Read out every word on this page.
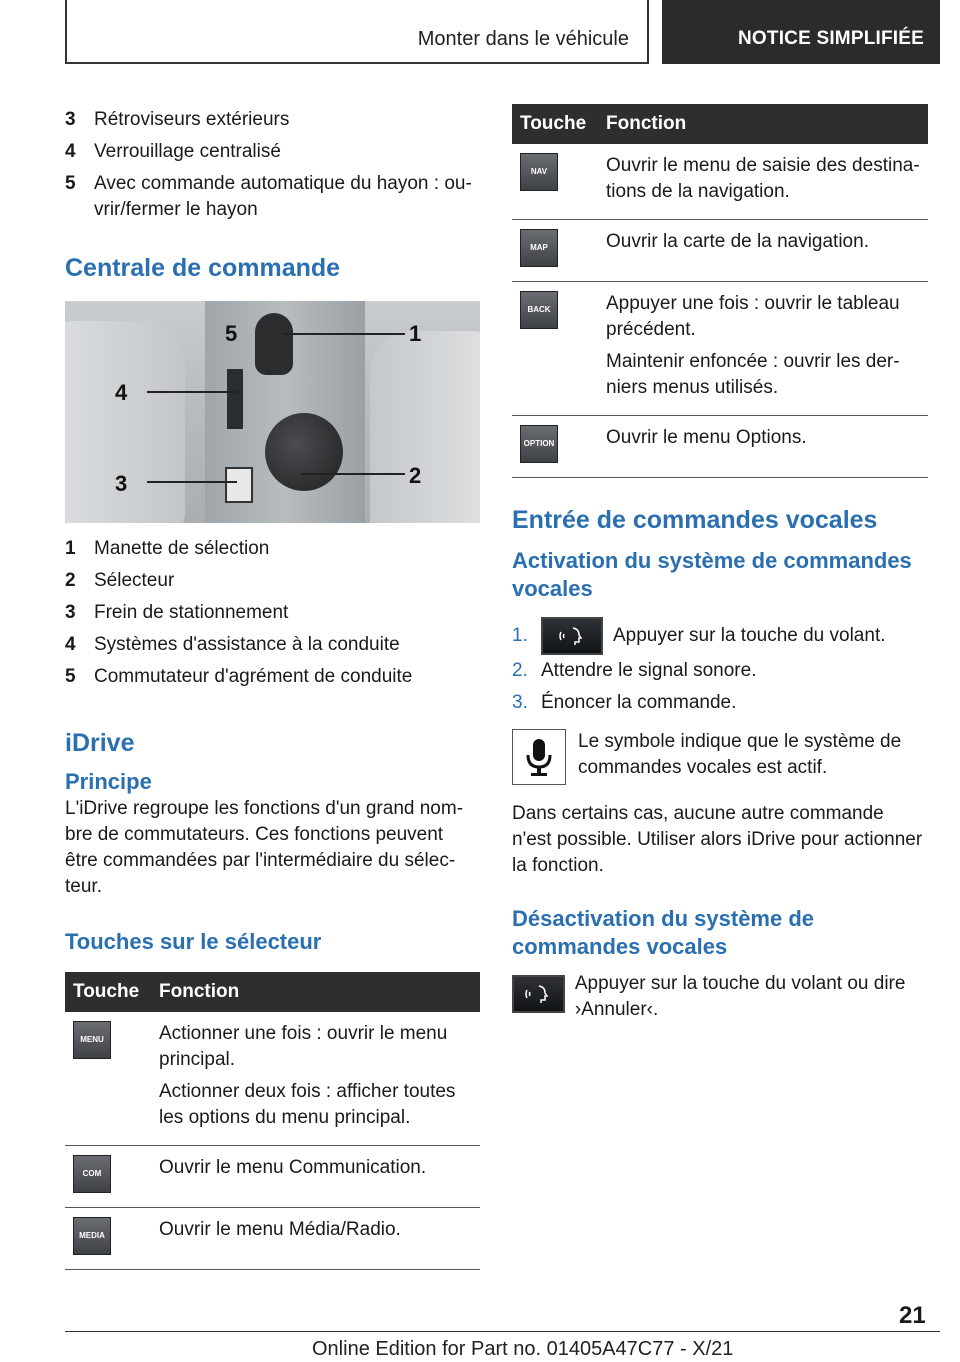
Monter dans le véhicule	NOTICE SIMPLIFIÉE
3 Rétroviseurs extérieurs
4 Verrouillage centralisé
5 Avec commande automatique du hayon : ouvrir/fermer le hayon
Centrale de commande
5	1
4
3	2
1 Manette de sélection
2 Sélecteur
3 Frein de stationnement
4 Systèmes d'assistance à la conduite
5 Commutateur d'agrément de conduite
iDrive
Principe

L'iDrive regroupe les fonctions d'un grand nombre de commutateurs. Ces fonctions peuvent être commandées par l'intermédiaire du sélecteur.

Touches sur le sélecteur
Touche	Fonction

MENU	Actionner une fois : ouvrir le menu principal.

Actionner deux fois : afficher toutes les options du menu principal.

COM	Ouvrir le menu Communication.

MEDIA	Ouvrir le menu Média/Radio.

Touche	Fonction

NAV	Ouvrir le menu de saisie des destinations de la navigation.

MAP	Ouvrir la carte de la navigation.

BACK	Appuyer une fois : ouvrir le tableau précédent.

Maintenir enfoncée : ouvrir les derniers menus utilisés.

OPTION	Ouvrir le menu Options.

Entrée de commandes vocales
Activation du système de commandes vocales
1.	Appuyer sur la touche du volant.
2. Attendre le signal sonore.
3. Énoncer la commande.

Le symbole indique que le système de commandes vocales est actif.

Dans certains cas, aucune autre commande n'est possible. Utiliser alors iDrive pour actionner la fonction.

Désactivation du système de commandes vocales

Appuyer sur la touche du volant ou dire ›Annuler‹.

21
Online Edition for Part no. 01405A47C77 - X/21
